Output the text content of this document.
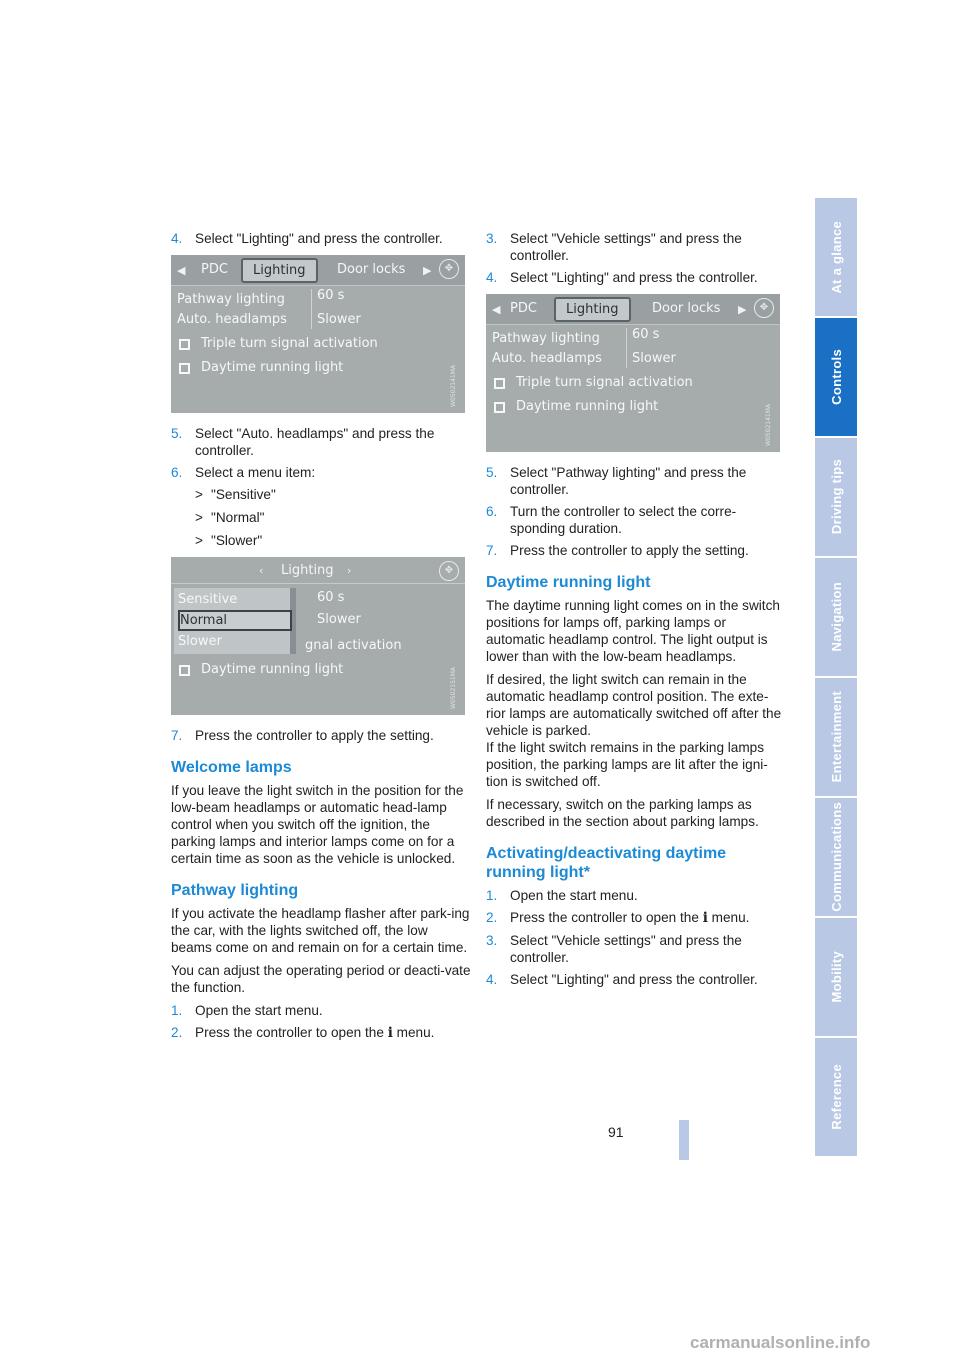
4. Select "Lighting" and press the controller.
◀ PDC	Lighting	Door locks ▶	✥
Pathway lighting
Auto. headlamps
60 s
Slower
Triple turn signal activation
Daytime running light	W0502141MA
5. Select "Auto. headlamps" and press the controller.
6. Select a menu item:
> "Sensitive"
> "Normal"
> "Slower"
‹ Lighting ›	✥
60 s
Slower
gnal activation
Sensitive
Normal
Slower
Daytime running light	W0502151MA
7. Press the controller to apply the setting.
Welcome lamps

If you leave the light switch in the position for the low-beam headlamps or automatic head-lamp control when you switch off the ignition, the parking lamps and interior lamps come on for a certain time as soon as the vehicle is unlocked.

Pathway lighting

If you activate the headlamp flasher after park-ing the car, with the lights switched off, the low beams come on and remain on for a certain time.

You can adjust the operating period or deacti-vate the function.

1. Open the start menu.
2. Press the controller to open the i menu.
3. Select "Vehicle settings" and press the controller.
4. Select "Lighting" and press the controller.
◀ PDC	Lighting	Door locks ▶	✥
Pathway lighting
Auto. headlamps
60 s
Slower
Triple turn signal activation
Daytime running light	W0502141MA
5. Select "Pathway lighting" and press the controller.
6. Turn the controller to select the corre-sponding duration.
7. Press the controller to apply the setting.
Daytime running light

The daytime running light comes on in the switch positions for lamps off, parking lamps or automatic headlamp control. The light output is lower than with the low-beam headlamps.

If desired, the light switch can remain in the automatic headlamp control position. The exte-rior lamps are automatically switched off after the vehicle is parked.

If the light switch remains in the parking lamps position, the parking lamps are lit after the igni-tion is switched off.

If necessary, switch on the parking lamps as described in the section about parking lamps.

Activating/deactivating daytime running light*
1. Open the start menu.
2. Press the controller to open the i menu.
3. Select "Vehicle settings" and press the controller.
4. Select "Lighting" and press the controller.
At a glance
Controls
Driving tips
Navigation
Entertainment
Communications
Mobility
Reference
91
carmanualsonline.info
